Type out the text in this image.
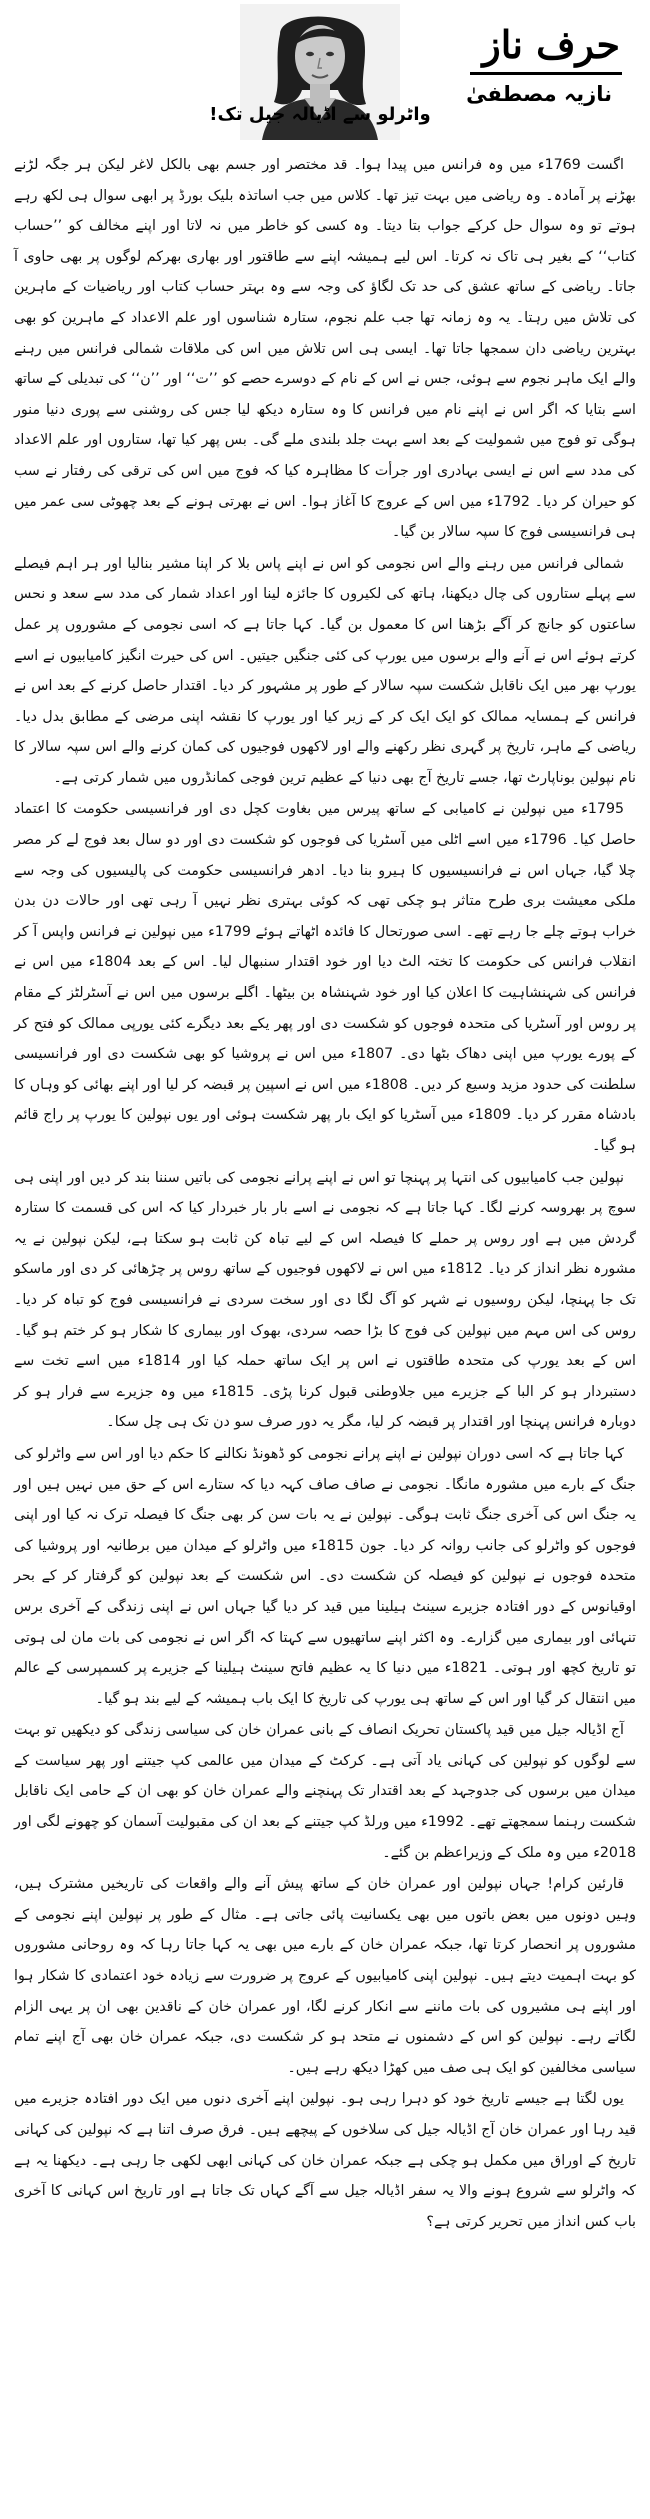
حرف ناز
نازیہ مصطفیٰ
واٹرلو سے اڈیالہ جیل تک!

اگست 1769ء میں وہ فرانس میں پیدا ہوا۔ قد مختصر اور جسم بھی بالکل لاغر لیکن ہر جگہ لڑنے بھڑنے پر آمادہ۔ وہ ریاضی میں بہت تیز تھا۔ کلاس میں جب اساتذہ بلیک بورڈ پر ابھی سوال ہی لکھ رہے ہوتے تو وہ سوال حل کرکے جواب بتا دیتا۔ وہ کسی کو خاطر میں نہ لاتا اور اپنے مخالف کو ’’حساب کتاب‘‘ کے بغیر ہی تاک نہ کرتا۔ اس لیے ہمیشہ اپنے سے طاقتور اور بھاری بھرکم لوگوں پر بھی حاوی آ جاتا۔ ریاضی کے ساتھ عشق کی حد تک لگاؤ کی وجہ سے وہ بہتر حساب کتاب اور ریاضیات کے ماہرین کی تلاش میں رہتا۔ یہ وہ زمانہ تھا جب علم نجوم، ستارہ شناسوں اور علم الاعداد کے ماہرین کو بھی بہترین ریاضی دان سمجھا جاتا تھا۔ ایسی ہی اس تلاش میں اس کی ملاقات شمالی فرانس میں رہنے والے ایک ماہر نجوم سے ہوئی، جس نے اس کے نام کے دوسرے حصے کو ’’ت‘‘ اور ’’ن‘‘ کی تبدیلی کے ساتھ اسے بتایا کہ اگر اس نے اپنے نام میں فرانس کا وہ ستارہ دیکھ لیا جس کی روشنی سے پوری دنیا منور ہوگی تو فوج میں شمولیت کے بعد اسے بہت جلد بلندی ملے گی۔ بس پھر کیا تھا، ستاروں اور علم الاعداد کی مدد سے اس نے ایسی بہادری اور جرأت کا مظاہرہ کیا کہ فوج میں اس کی ترقی کی رفتار نے سب کو حیران کر دیا۔ 1792ء میں اس کے عروج کا آغاز ہوا۔ اس نے بھرتی ہونے کے بعد چھوٹی سی عمر میں ہی فرانسیسی فوج کا سپہ سالار بن گیا۔

شمالی فرانس میں رہنے والے اس نجومی کو اس نے اپنے پاس بلا کر اپنا مشیر بنالیا اور ہر اہم فیصلے سے پہلے ستاروں کی چال دیکھنا، ہاتھ کی لکیروں کا جائزہ لینا اور اعداد شمار کی مدد سے سعد و نحس ساعتوں کو جانچ کر آگے بڑھنا اس کا معمول بن گیا۔ کہا جاتا ہے کہ اسی نجومی کے مشوروں پر عمل کرتے ہوئے اس نے آنے والے برسوں میں یورپ کی کئی جنگیں جیتیں۔ اس کی حیرت انگیز کامیابیوں نے اسے یورپ بھر میں ایک ناقابل شکست سپہ سالار کے طور پر مشہور کر دیا۔ اقتدار حاصل کرنے کے بعد اس نے فرانس کے ہمسایہ ممالک کو ایک ایک کر کے زیر کیا اور یورپ کا نقشہ اپنی مرضی کے مطابق بدل دیا۔ ریاضی کے ماہر، تاریخ پر گہری نظر رکھنے والے اور لاکھوں فوجیوں کی کمان کرنے والے اس سپہ سالار کا نام نپولین بوناپارٹ تھا، جسے تاریخ آج بھی دنیا کے عظیم ترین فوجی کمانڈروں میں شمار کرتی ہے۔

1795ء میں نپولین نے کامیابی کے ساتھ پیرس میں بغاوت کچل دی اور فرانسیسی حکومت کا اعتماد حاصل کیا۔ 1796ء میں اسے اٹلی میں آسٹریا کی فوجوں کو شکست دی اور دو سال بعد فوج لے کر مصر چلا گیا، جہاں اس نے فرانسیسیوں کا ہیرو بنا دیا۔ ادھر فرانسیسی حکومت کی پالیسیوں کی وجہ سے ملکی معیشت بری طرح متاثر ہو چکی تھی کہ کوئی بہتری نظر نہیں آ رہی تھی اور حالات دن بدن خراب ہوتے چلے جا رہے تھے۔ اسی صورتحال کا فائدہ اٹھاتے ہوئے 1799ء میں نپولین نے فرانس واپس آ کر انقلاب فرانس کی حکومت کا تختہ الٹ دیا اور خود اقتدار سنبھال لیا۔ اس کے بعد 1804ء میں اس نے فرانس کی شہنشاہیت کا اعلان کیا اور خود شہنشاہ بن بیٹھا۔ اگلے برسوں میں اس نے آسٹرلٹز کے مقام پر روس اور آسٹریا کی متحدہ فوجوں کو شکست دی اور پھر یکے بعد دیگرے کئی یورپی ممالک کو فتح کر کے پورے یورپ میں اپنی دھاک بٹھا دی۔ 1807ء میں اس نے پروشیا کو بھی شکست دی اور فرانسیسی سلطنت کی حدود مزید وسیع کر دیں۔ 1808ء میں اس نے اسپین پر قبضہ کر لیا اور اپنے بھائی کو وہاں کا بادشاہ مقرر کر دیا۔ 1809ء میں آسٹریا کو ایک بار پھر شکست ہوئی اور یوں نپولین کا یورپ پر راج قائم ہو گیا۔

نپولین جب کامیابیوں کی انتہا پر پہنچا تو اس نے اپنے پرانے نجومی کی باتیں سننا بند کر دیں اور اپنی ہی سوچ پر بھروسہ کرنے لگا۔ کہا جاتا ہے کہ نجومی نے اسے بار بار خبردار کیا کہ اس کی قسمت کا ستارہ گردش میں ہے اور روس پر حملے کا فیصلہ اس کے لیے تباہ کن ثابت ہو سکتا ہے، لیکن نپولین نے یہ مشورہ نظر انداز کر دیا۔ 1812ء میں اس نے لاکھوں فوجیوں کے ساتھ روس پر چڑھائی کر دی اور ماسکو تک جا پہنچا، لیکن روسیوں نے شہر کو آگ لگا دی اور سخت سردی نے فرانسیسی فوج کو تباہ کر دیا۔ روس کی اس مہم میں نپولین کی فوج کا بڑا حصہ سردی، بھوک اور بیماری کا شکار ہو کر ختم ہو گیا۔ اس کے بعد یورپ کی متحدہ طاقتوں نے اس پر ایک ساتھ حملہ کیا اور 1814ء میں اسے تخت سے دستبردار ہو کر البا کے جزیرے میں جلاوطنی قبول کرنا پڑی۔ 1815ء میں وہ جزیرے سے فرار ہو کر دوبارہ فرانس پہنچا اور اقتدار پر قبضہ کر لیا، مگر یہ دور صرف سو دن تک ہی چل سکا۔

کہا جاتا ہے کہ اسی دوران نپولین نے اپنے پرانے نجومی کو ڈھونڈ نکالنے کا حکم دیا اور اس سے واٹرلو کی جنگ کے بارے میں مشورہ مانگا۔ نجومی نے صاف صاف کہہ دیا کہ ستارے اس کے حق میں نہیں ہیں اور یہ جنگ اس کی آخری جنگ ثابت ہوگی۔ نپولین نے یہ بات سن کر بھی جنگ کا فیصلہ ترک نہ کیا اور اپنی فوجوں کو واٹرلو کی جانب روانہ کر دیا۔ جون 1815ء میں واٹرلو کے میدان میں برطانیہ اور پروشیا کی متحدہ فوجوں نے نپولین کو فیصلہ کن شکست دی۔ اس شکست کے بعد نپولین کو گرفتار کر کے بحر اوقیانوس کے دور افتادہ جزیرے سینٹ ہیلینا میں قید کر دیا گیا جہاں اس نے اپنی زندگی کے آخری برس تنہائی اور بیماری میں گزارے۔ وہ اکثر اپنے ساتھیوں سے کہتا کہ اگر اس نے نجومی کی بات مان لی ہوتی تو تاریخ کچھ اور ہوتی۔ 1821ء میں دنیا کا یہ عظیم فاتح سینٹ ہیلینا کے جزیرے پر کسمپرسی کے عالم میں انتقال کر گیا اور اس کے ساتھ ہی یورپ کی تاریخ کا ایک باب ہمیشہ کے لیے بند ہو گیا۔

آج اڈیالہ جیل میں قید پاکستان تحریک انصاف کے بانی عمران خان کی سیاسی زندگی کو دیکھیں تو بہت سے لوگوں کو نپولین کی کہانی یاد آتی ہے۔ کرکٹ کے میدان میں عالمی کپ جیتنے اور پھر سیاست کے میدان میں برسوں کی جدوجہد کے بعد اقتدار تک پہنچنے والے عمران خان کو بھی ان کے حامی ایک ناقابل شکست رہنما سمجھتے تھے۔ 1992ء میں ورلڈ کپ جیتنے کے بعد ان کی مقبولیت آسمان کو چھونے لگی اور 2018ء میں وہ ملک کے وزیراعظم بن گئے۔

قارئین کرام! جہاں نپولین اور عمران خان کے ساتھ پیش آنے والے واقعات کی تاریخیں مشترک ہیں، وہیں دونوں میں بعض باتوں میں بھی یکسانیت پائی جاتی ہے۔ مثال کے طور پر نپولین اپنے نجومی کے مشوروں پر انحصار کرتا تھا، جبکہ عمران خان کے بارے میں بھی یہ کہا جاتا رہا کہ وہ روحانی مشوروں کو بہت اہمیت دیتے ہیں۔ نپولین اپنی کامیابیوں کے عروج پر ضرورت سے زیادہ خود اعتمادی کا شکار ہوا اور اپنے ہی مشیروں کی بات ماننے سے انکار کرنے لگا، اور عمران خان کے ناقدین بھی ان پر یہی الزام لگاتے رہے۔ نپولین کو اس کے دشمنوں نے متحد ہو کر شکست دی، جبکہ عمران خان بھی آج اپنے تمام سیاسی مخالفین کو ایک ہی صف میں کھڑا دیکھ رہے ہیں۔

یوں لگتا ہے جیسے تاریخ خود کو دہرا رہی ہو۔ نپولین اپنے آخری دنوں میں ایک دور افتادہ جزیرے میں قید رہا اور عمران خان آج اڈیالہ جیل کی سلاخوں کے پیچھے ہیں۔ فرق صرف اتنا ہے کہ نپولین کی کہانی تاریخ کے اوراق میں مکمل ہو چکی ہے جبکہ عمران خان کی کہانی ابھی لکھی جا رہی ہے۔ دیکھنا یہ ہے کہ واٹرلو سے شروع ہونے والا یہ سفر اڈیالہ جیل سے آگے کہاں تک جاتا ہے اور تاریخ اس کہانی کا آخری باب کس انداز میں تحریر کرتی ہے؟
